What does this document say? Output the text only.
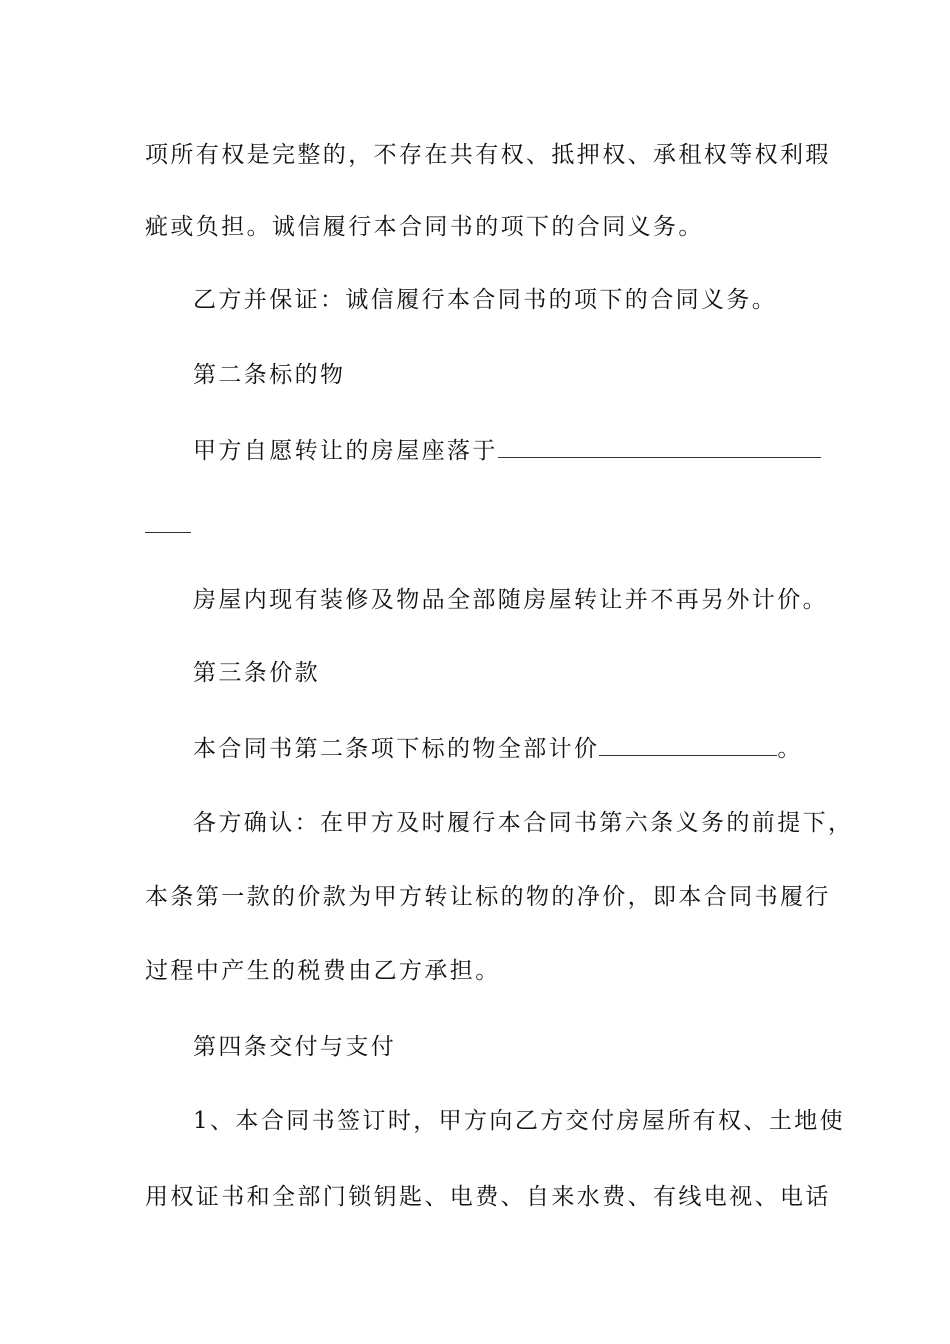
项所有权是完整的，不存在共有权、抵押权、承租权等权利瑕
疵或负担。诚信履行本合同书的项下的合同义务。
乙方并保证：诚信履行本合同书的项下的合同义务。
第二条标的物
甲方自愿转让的房屋座落于
房屋内现有装修及物品全部随房屋转让并不再另外计价。
第三条价款
本合同书第二条项下标的物全部计价	。
各方确认：在甲方及时履行本合同书第六条义务的前提下，
本条第一款的价款为甲方转让标的物的净价，即本合同书履行
过程中产生的税费由乙方承担。
第四条交付与支付
1、本合同书签订时，甲方向乙方交付房屋所有权、土地使
用权证书和全部门锁钥匙、电费、自来水费、有线电视、电话
